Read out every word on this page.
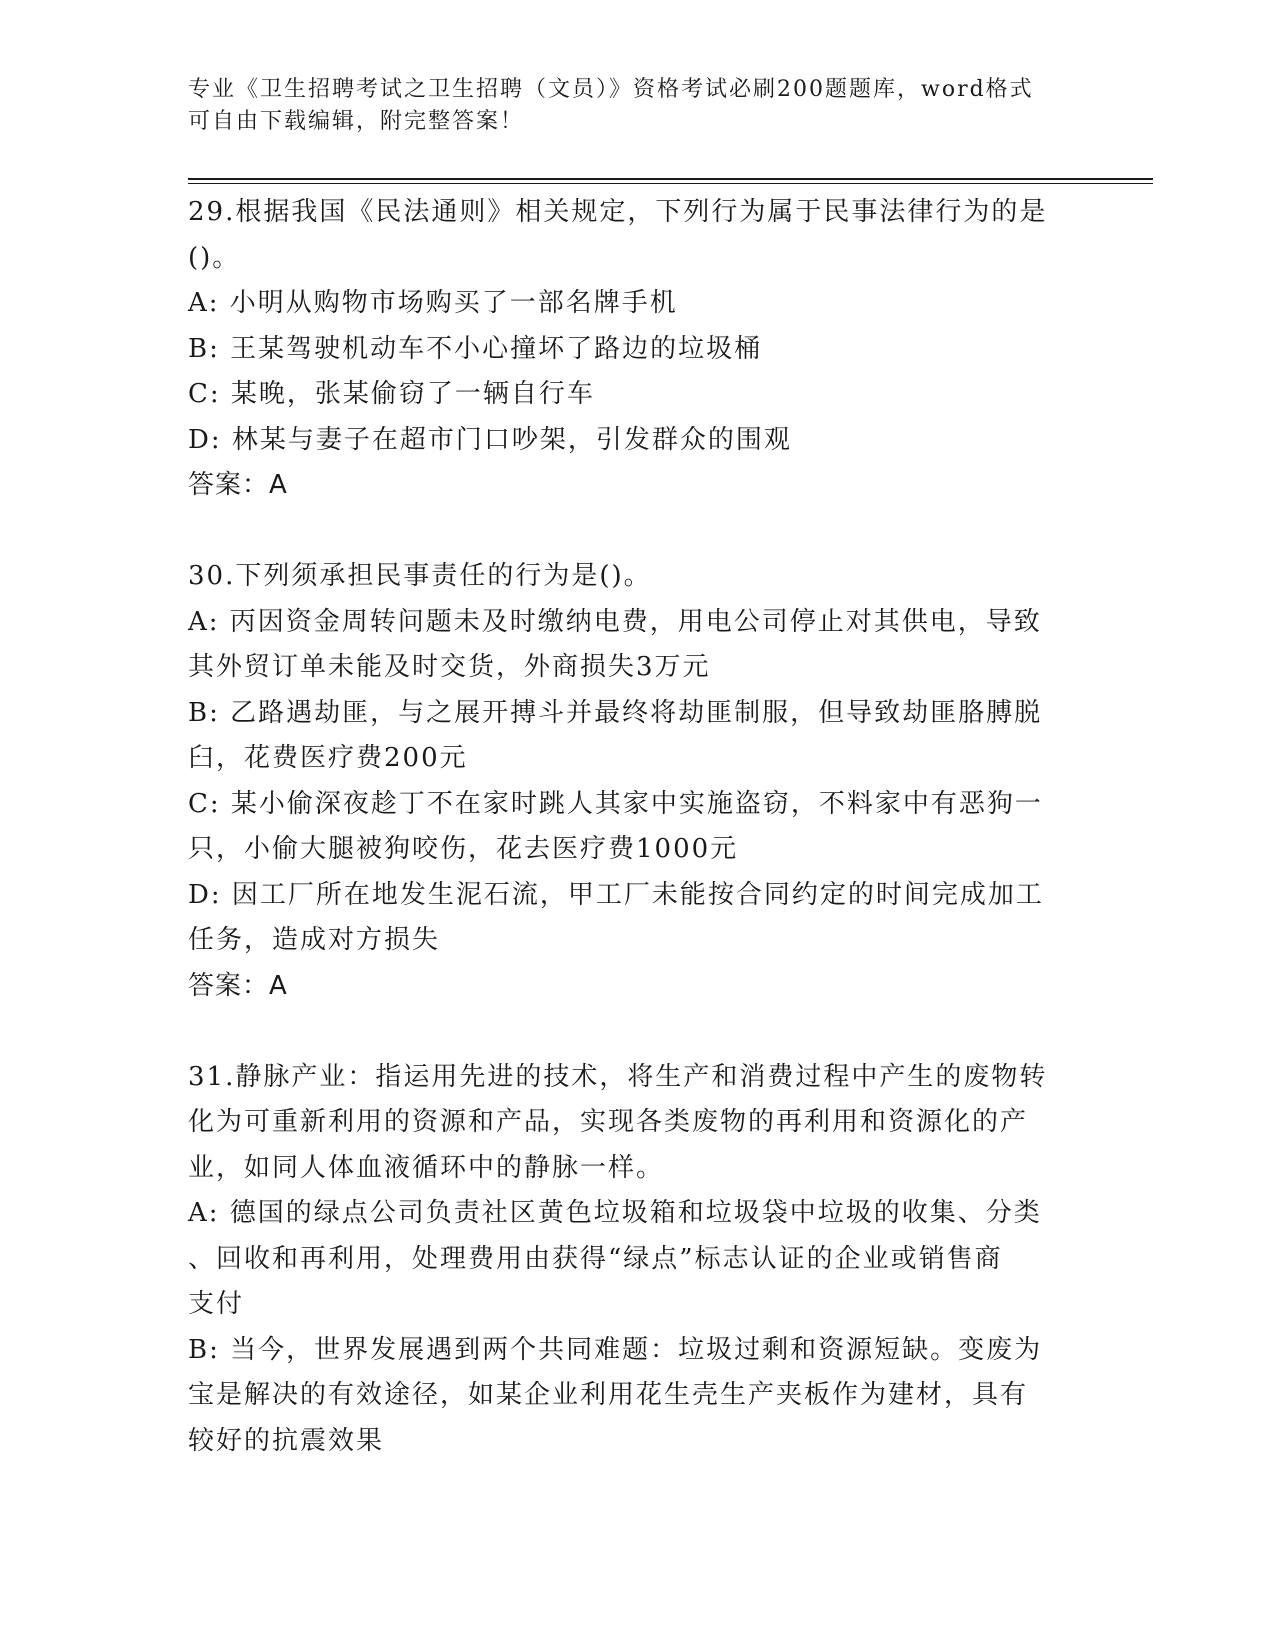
专业《卫生招聘考试之卫生招聘（文员）》资格考试必刷200题题库，word格式
可自由下载编辑，附完整答案！
29.根据我国《民法通则》相关规定，下列行为属于民事法律行为的是
()。
A: 小明从购物市场购买了一部名牌手机
B: 王某驾驶机动车不小心撞坏了路边的垃圾桶
C: 某晚，张某偷窃了一辆自行车
D: 林某与妻子在超市门口吵架，引发群众的围观
答案：A
30.下列须承担民事责任的行为是()。
A: 丙因资金周转问题未及时缴纳电费，用电公司停止对其供电，导致
其外贸订单未能及时交货，外商损失3万元
B: 乙路遇劫匪，与之展开搏斗并最终将劫匪制服，但导致劫匪胳膊脱
臼，花费医疗费200元
C: 某小偷深夜趁丁不在家时跳人其家中实施盗窃，不料家中有恶狗一
只，小偷大腿被狗咬伤，花去医疗费1000元
D: 因工厂所在地发生泥石流，甲工厂未能按合同约定的时间完成加工
任务，造成对方损失
答案：A
31.静脉产业：指运用先进的技术，将生产和消费过程中产生的废物转
化为可重新利用的资源和产品，实现各类废物的再利用和资源化的产
业，如同人体血液循环中的静脉一样。
A: 德国的绿点公司负责社区黄色垃圾箱和垃圾袋中垃圾的收集、分类
、回收和再利用，处理费用由获得“绿点”标志认证的企业或销售商
支付
B: 当今，世界发展遇到两个共同难题：垃圾过剩和资源短缺。变废为
宝是解决的有效途径，如某企业利用花生壳生产夹板作为建材，具有
较好的抗震效果
